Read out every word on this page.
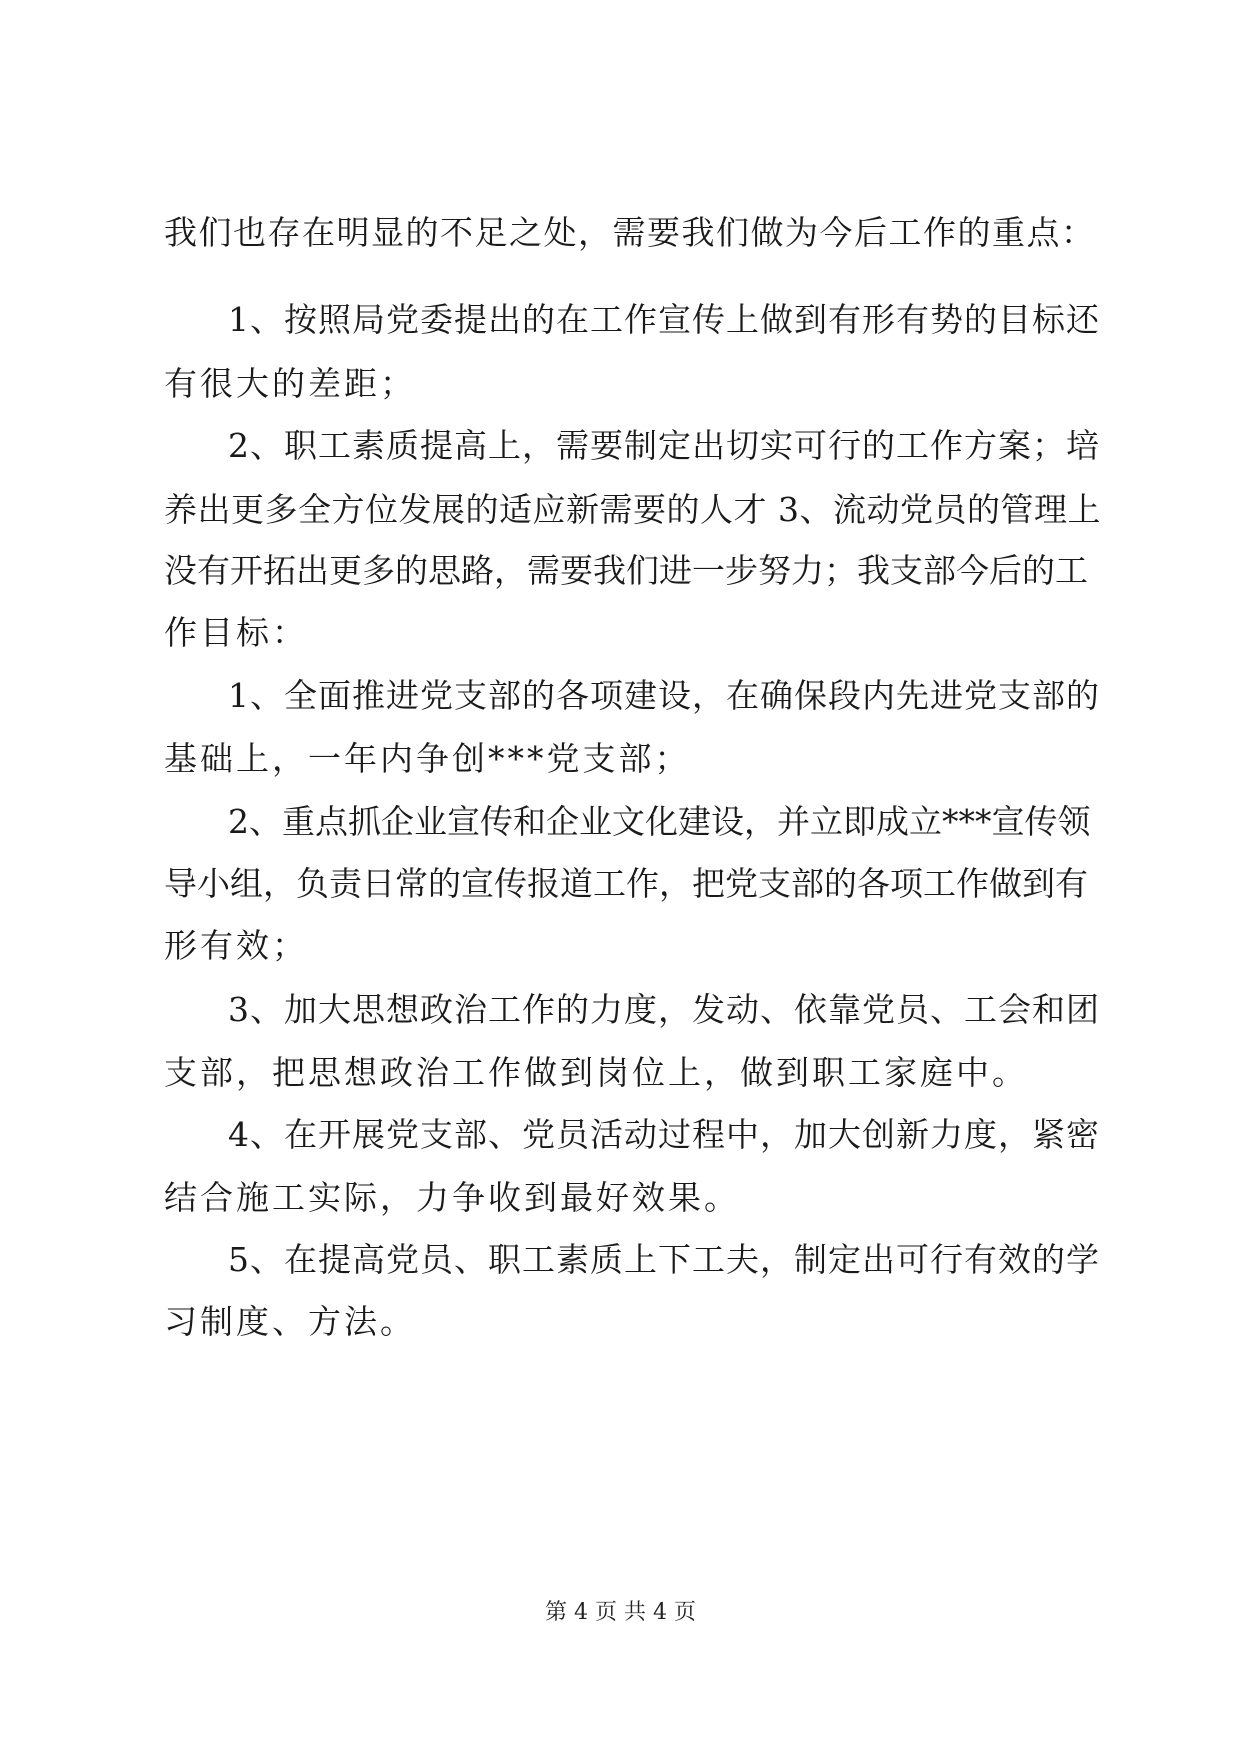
我们也存在明显的不足之处，需要我们做为今后工作的重点：
1、按照局党委提出的在工作宣传上做到有形有势的目标还
有很大的差距；
2、职工素质提高上，需要制定出切实可行的工作方案；培
养出更多全方位发展的适应新需要的人才 3、流动党员的管理上
没有开拓出更多的思路，需要我们进一步努力；我支部今后的工
作目标：
1、全面推进党支部的各项建设，在确保段内先进党支部的
基础上，一年内争创***党支部；
2、重点抓企业宣传和企业文化建设，并立即成立***宣传领
导小组，负责日常的宣传报道工作，把党支部的各项工作做到有
形有效；
3、加大思想政治工作的力度，发动、依靠党员、工会和团
支部，把思想政治工作做到岗位上，做到职工家庭中。
4、在开展党支部、党员活动过程中，加大创新力度，紧密
结合施工实际，力争收到最好效果。
5、在提高党员、职工素质上下工夫，制定出可行有效的学
习制度、方法。
第 4 页 共 4 页
